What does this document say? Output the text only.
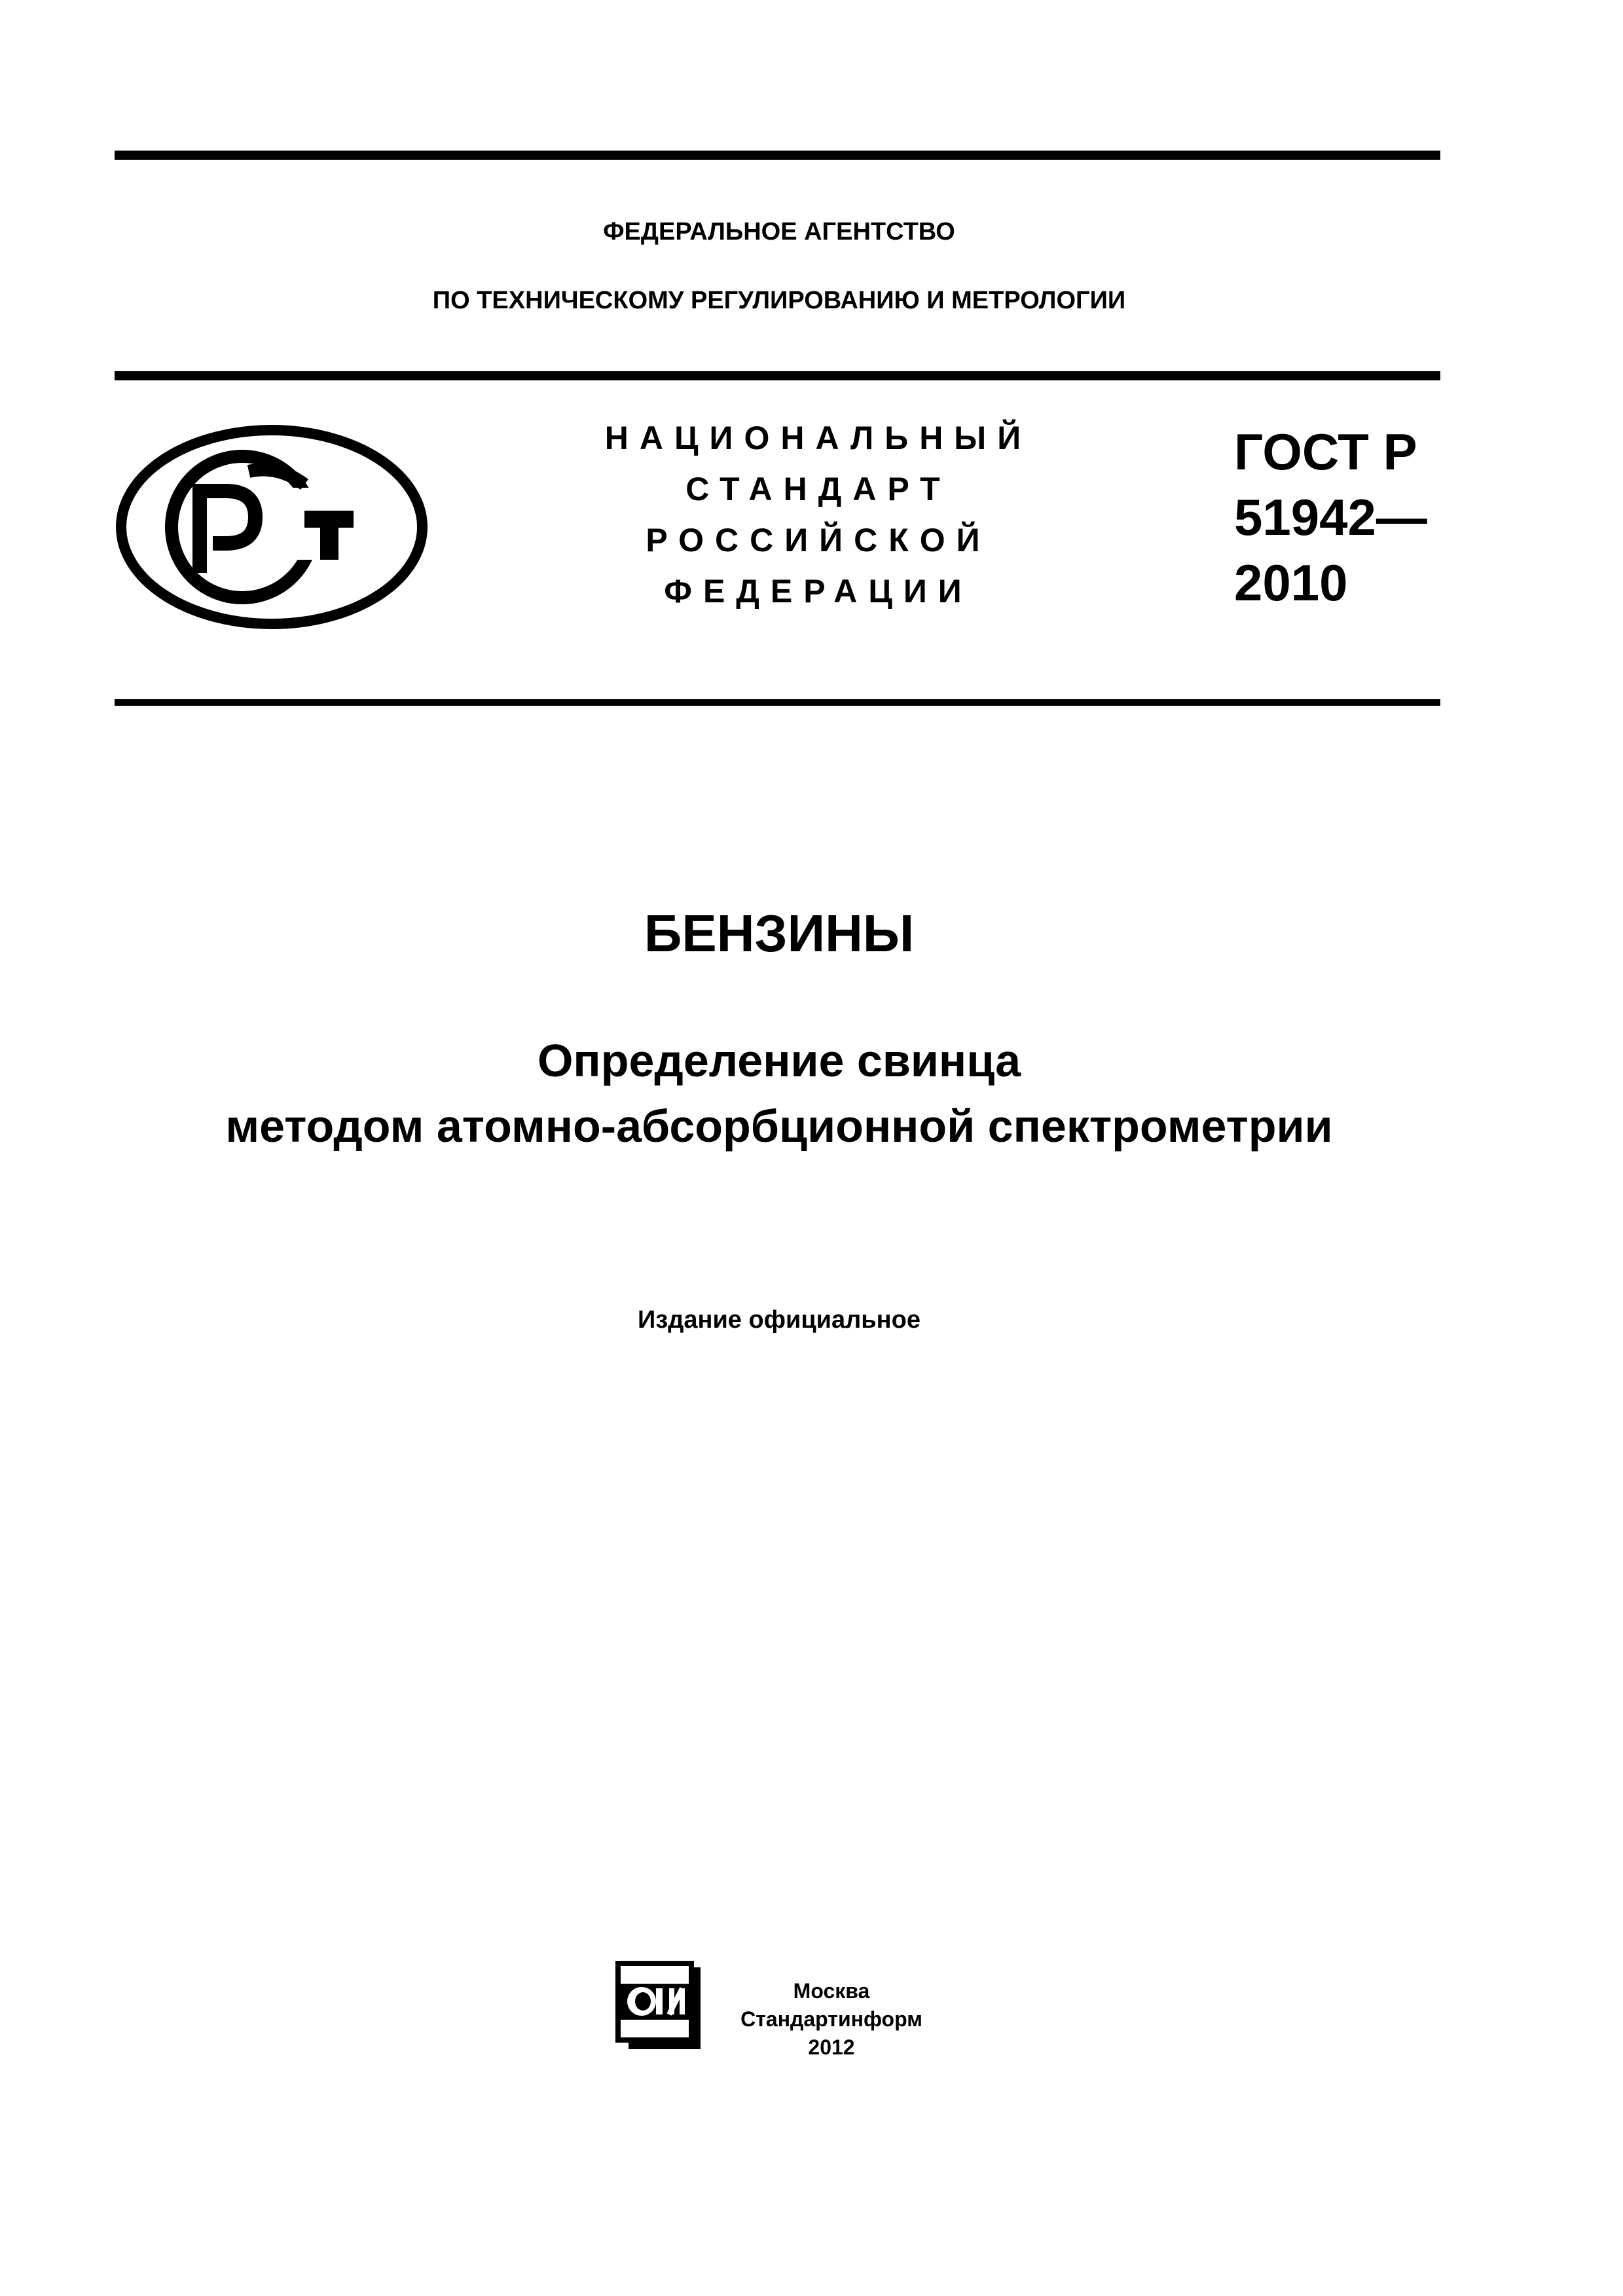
ФЕДЕРАЛЬНОЕ АГЕНТСТВО
ПО ТЕХНИЧЕСКОМУ РЕГУЛИРОВАНИЮ И МЕТРОЛОГИИ
НАЦИОНАЛЬНЫЙ
СТАНДАРТ
РОССИЙСКОЙ
ФЕДЕРАЦИИ
ГОСТ Р
51942—
2010
БЕНЗИНЫ
Определение свинца
методом атомно-абсорбционной спектрометрии
Издание официальное
Москва
Стандартинформ
2012
